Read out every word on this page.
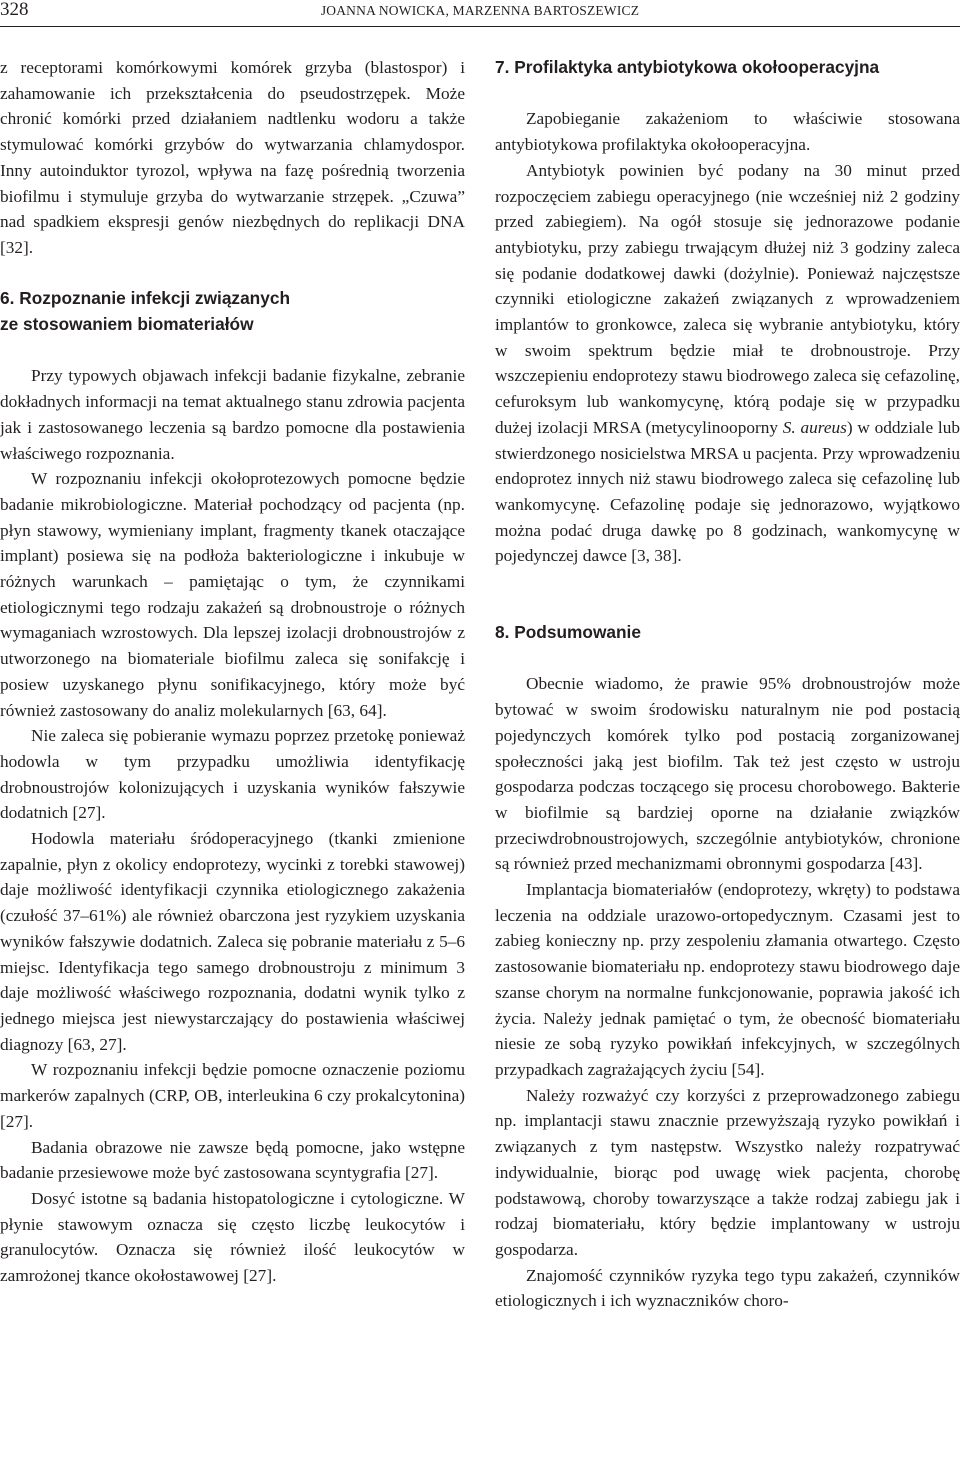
328	JOANNA NOWICKA, MARZENNA BARTOSZEWICZ

z receptorami komórkowymi komórek grzyba (blastospor) i zahamowanie ich przekształcenia do pseudostrzępek. Może chronić komórki przed działaniem nadtlenku wodoru a także stymulować komórki grzybów do wytwarzania chlamydospor. Inny autoinduktor tyrozol, wpływa na fazę pośrednią tworzenia biofilmu i stymuluje grzyba do wytwarzanie strzępek. „Czuwa” nad spadkiem ekspresji genów niezbędnych do replikacji DNA [32].

6. Rozpoznanie infekcji związanych
ze stosowaniem biomateriałów

Przy typowych objawach infekcji badanie fizykalne, zebranie dokładnych informacji na temat aktualnego stanu zdrowia pacjenta jak i zastosowanego leczenia są bardzo pomocne dla postawienia właściwego rozpoznania.

W rozpoznaniu infekcji okołoprotezowych pomocne będzie badanie mikrobiologiczne. Materiał pochodzący od pacjenta (np. płyn stawowy, wymieniany implant, fragmenty tkanek otaczające implant) posiewa się na podłoża bakteriologiczne i inkubuje w różnych warunkach – pamiętając o tym, że czynnikami etiologicznymi tego rodzaju zakażeń są drobnoustroje o różnych wymaganiach wzrostowych. Dla lepszej izolacji drobnoustrojów z utworzonego na biomateriale biofilmu zaleca się sonifakcję i posiew uzyskanego płynu sonifikacyjnego, który może być również zastosowany do analiz molekularnych [63, 64].

Nie zaleca się pobieranie wymazu poprzez przetokę ponieważ hodowla w tym przypadku umożliwia identyfikację drobnoustrojów kolonizujących i uzyskania wyników fałszywie dodatnich [27].

Hodowla materiału śródoperacyjnego (tkanki zmienione zapalnie, płyn z okolicy endoprotezy, wycinki z torebki stawowej) daje możliwość identyfikacji czynnika etiologicznego zakażenia (czułość 37–61%) ale również obarczona jest ryzykiem uzyskania wyników fałszywie dodatnich. Zaleca się pobranie materiału z 5–6 miejsc. Identyfikacja tego samego drobnoustroju z minimum 3 daje możliwość właściwego rozpoznania, dodatni wynik tylko z jednego miejsca jest niewystarczający do postawienia właściwej diagnozy [63, 27].

W rozpoznaniu infekcji będzie pomocne oznaczenie poziomu markerów zapalnych (CRP, OB, interleukina 6 czy prokalcytonina) [27].

Badania obrazowe nie zawsze będą pomocne, jako wstępne badanie przesiewowe może być zastosowana scyntygrafia [27].

Dosyć istotne są badania histopatologiczne i cytologiczne. W płynie stawowym oznacza się często liczbę leukocytów i granulocytów. Oznacza się również ilość leukocytów w zamrożonej tkance okołostawowej [27].

7. Profilaktyka antybiotykowa okołooperacyjna

Zapobieganie zakażeniom to właściwie stosowana antybiotykowa profilaktyka okołooperacyjna.

Antybiotyk powinien być podany na 30 minut przed rozpoczęciem zabiegu operacyjnego (nie wcześniej niż 2 godziny przed zabiegiem). Na ogół stosuje się jednorazowe podanie antybiotyku, przy zabiegu trwającym dłużej niż 3 godziny zaleca się podanie dodatkowej dawki (dożylnie). Ponieważ najczęstsze czynniki etiologiczne zakażeń związanych z wprowadzeniem implantów to gronkowce, zaleca się wybranie antybiotyku, który w swoim spektrum będzie miał te drobnoustroje. Przy wszczepieniu endoprotezy stawu biodrowego zaleca się cefazolinę, cefuroksym lub wankomycynę, którą podaje się w przypadku dużej izolacji MRSA (metycylinooporny S. aureus) w oddziale lub stwierdzonego nosicielstwa MRSA u pacjenta. Przy wprowadzeniu endoprotez innych niż stawu biodrowego zaleca się cefazolinę lub wankomycynę. Cefazolinę podaje się jednorazowo, wyjątkowo można podać druga dawkę po 8 godzinach, wankomycynę w pojedynczej dawce [3, 38].

8. Podsumowanie

Obecnie wiadomo, że prawie 95% drobnoustrojów może bytować w swoim środowisku naturalnym nie pod postacią pojedynczych komórek tylko pod postacią zorganizowanej społeczności jaką jest biofilm. Tak też jest często w ustroju gospodarza podczas toczącego się procesu chorobowego. Bakterie w biofilmie są bardziej oporne na działanie związków przeciwdrobnoustrojowych, szczególnie antybiotyków, chronione są również przed mechanizmami obronnymi gospodarza [43].

Implantacja biomateriałów (endoprotezy, wkręty) to podstawa leczenia na oddziale urazowo-ortopedycznym. Czasami jest to zabieg konieczny np. przy zespoleniu złamania otwartego. Często zastosowanie biomateriału np. endoprotezy stawu biodrowego daje szanse chorym na normalne funkcjonowanie, poprawia jakość ich życia. Należy jednak pamiętać o tym, że obecność biomateriału niesie ze sobą ryzyko powikłań infekcyjnych, w szczególnych przypadkach zagrażających życiu [54].

Należy rozważyć czy korzyści z przeprowadzonego zabiegu np. implantacji stawu znacznie przewyższają ryzyko powikłań i związanych z tym następstw. Wszystko należy rozpatrywać indywidualnie, biorąc pod uwagę wiek pacjenta, chorobę podstawową, choroby towarzyszące a także rodzaj zabiegu jak i rodzaj biomateriału, który będzie implantowany w ustroju gospodarza.

Znajomość czynników ryzyka tego typu zakażeń, czynników etiologicznych i ich wyznaczników choro-
